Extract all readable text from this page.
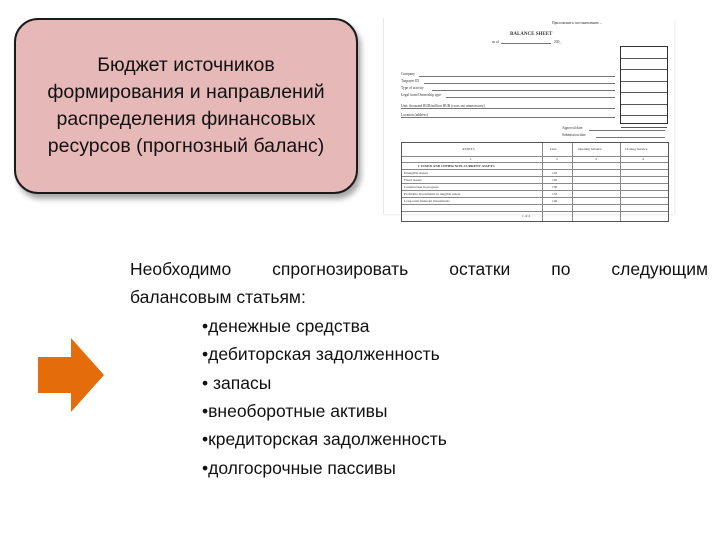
Бюджет источников формирования и направлений распределения финансовых ресурсов (прогнозный баланс)
Приложение к постановлению ...
BALANCE SHEET
as of	200_
Company
Taxpayer ID
Type of activity
Legal form/Ownership type
Unit: thousand RUR/million RUR (cross out unnecessary)
Location (address)
Approval date
Submission date
ASSETS	Line	Opening balance	Closing balance
1	2	3	4
I. FIXED AND OTHER NON-CURRENT ASSETS
Intangible Assets	110
Fixed Assets	120
Construction in progress	130
Profitable investments in tangible assets	135
Long-term financial investments	140
1 of 2
Необходимо спрогнозировать остатки по следующим
балансовым статьям:
•денежные средства
•дебиторская задолженность
• запасы
•внеоборотные активы
•кредиторская задолженность
•долгосрочные пассивы
